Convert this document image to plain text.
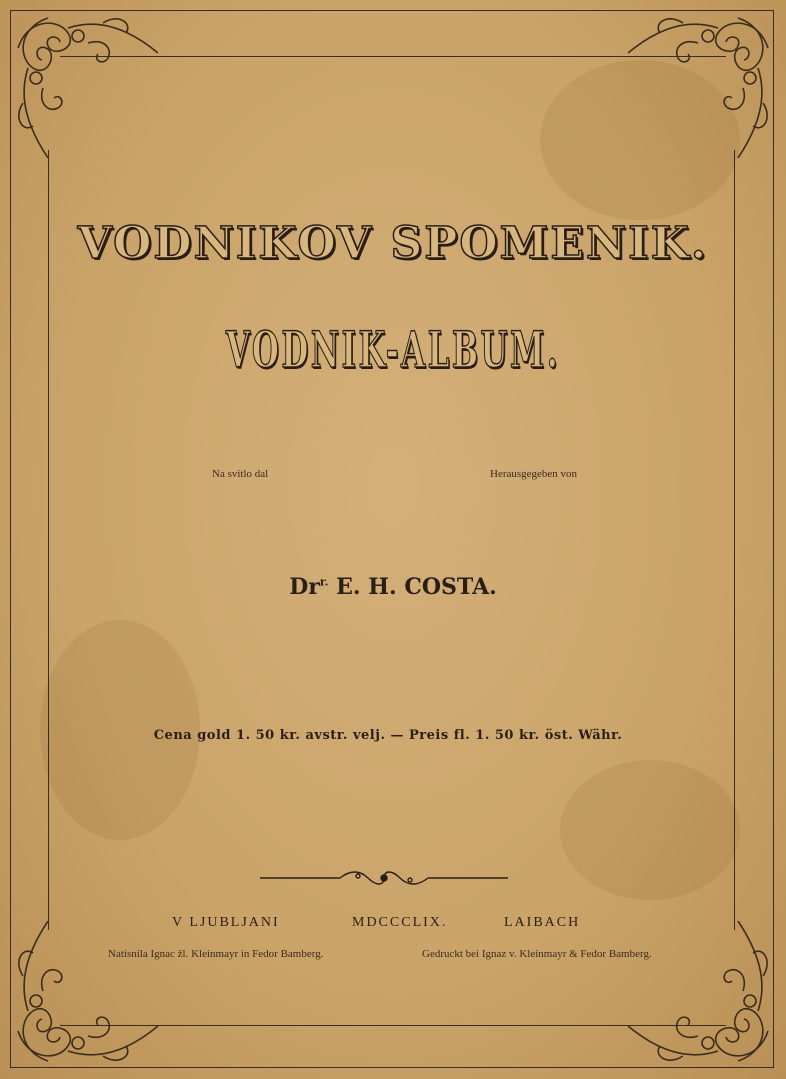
VODNIKOV SPOMENIK.
VODNIK-ALBUM.
Na svitlo dal	Herausgegeben von
$Dr^{r.}$ E. H. COSTA.
Cena gold 1. 50 kr. avstr. velj. — Preis fl. 1. 50 kr. öst. Währ.
V LJUBLJANI	MDCCCLIX.	LAIBACH
Natisnila Ignac žl. Kleinmayr in Fedor Bamberg.	Gedruckt bei Ignaz v. Kleinmayr & Fedor Bamberg.
